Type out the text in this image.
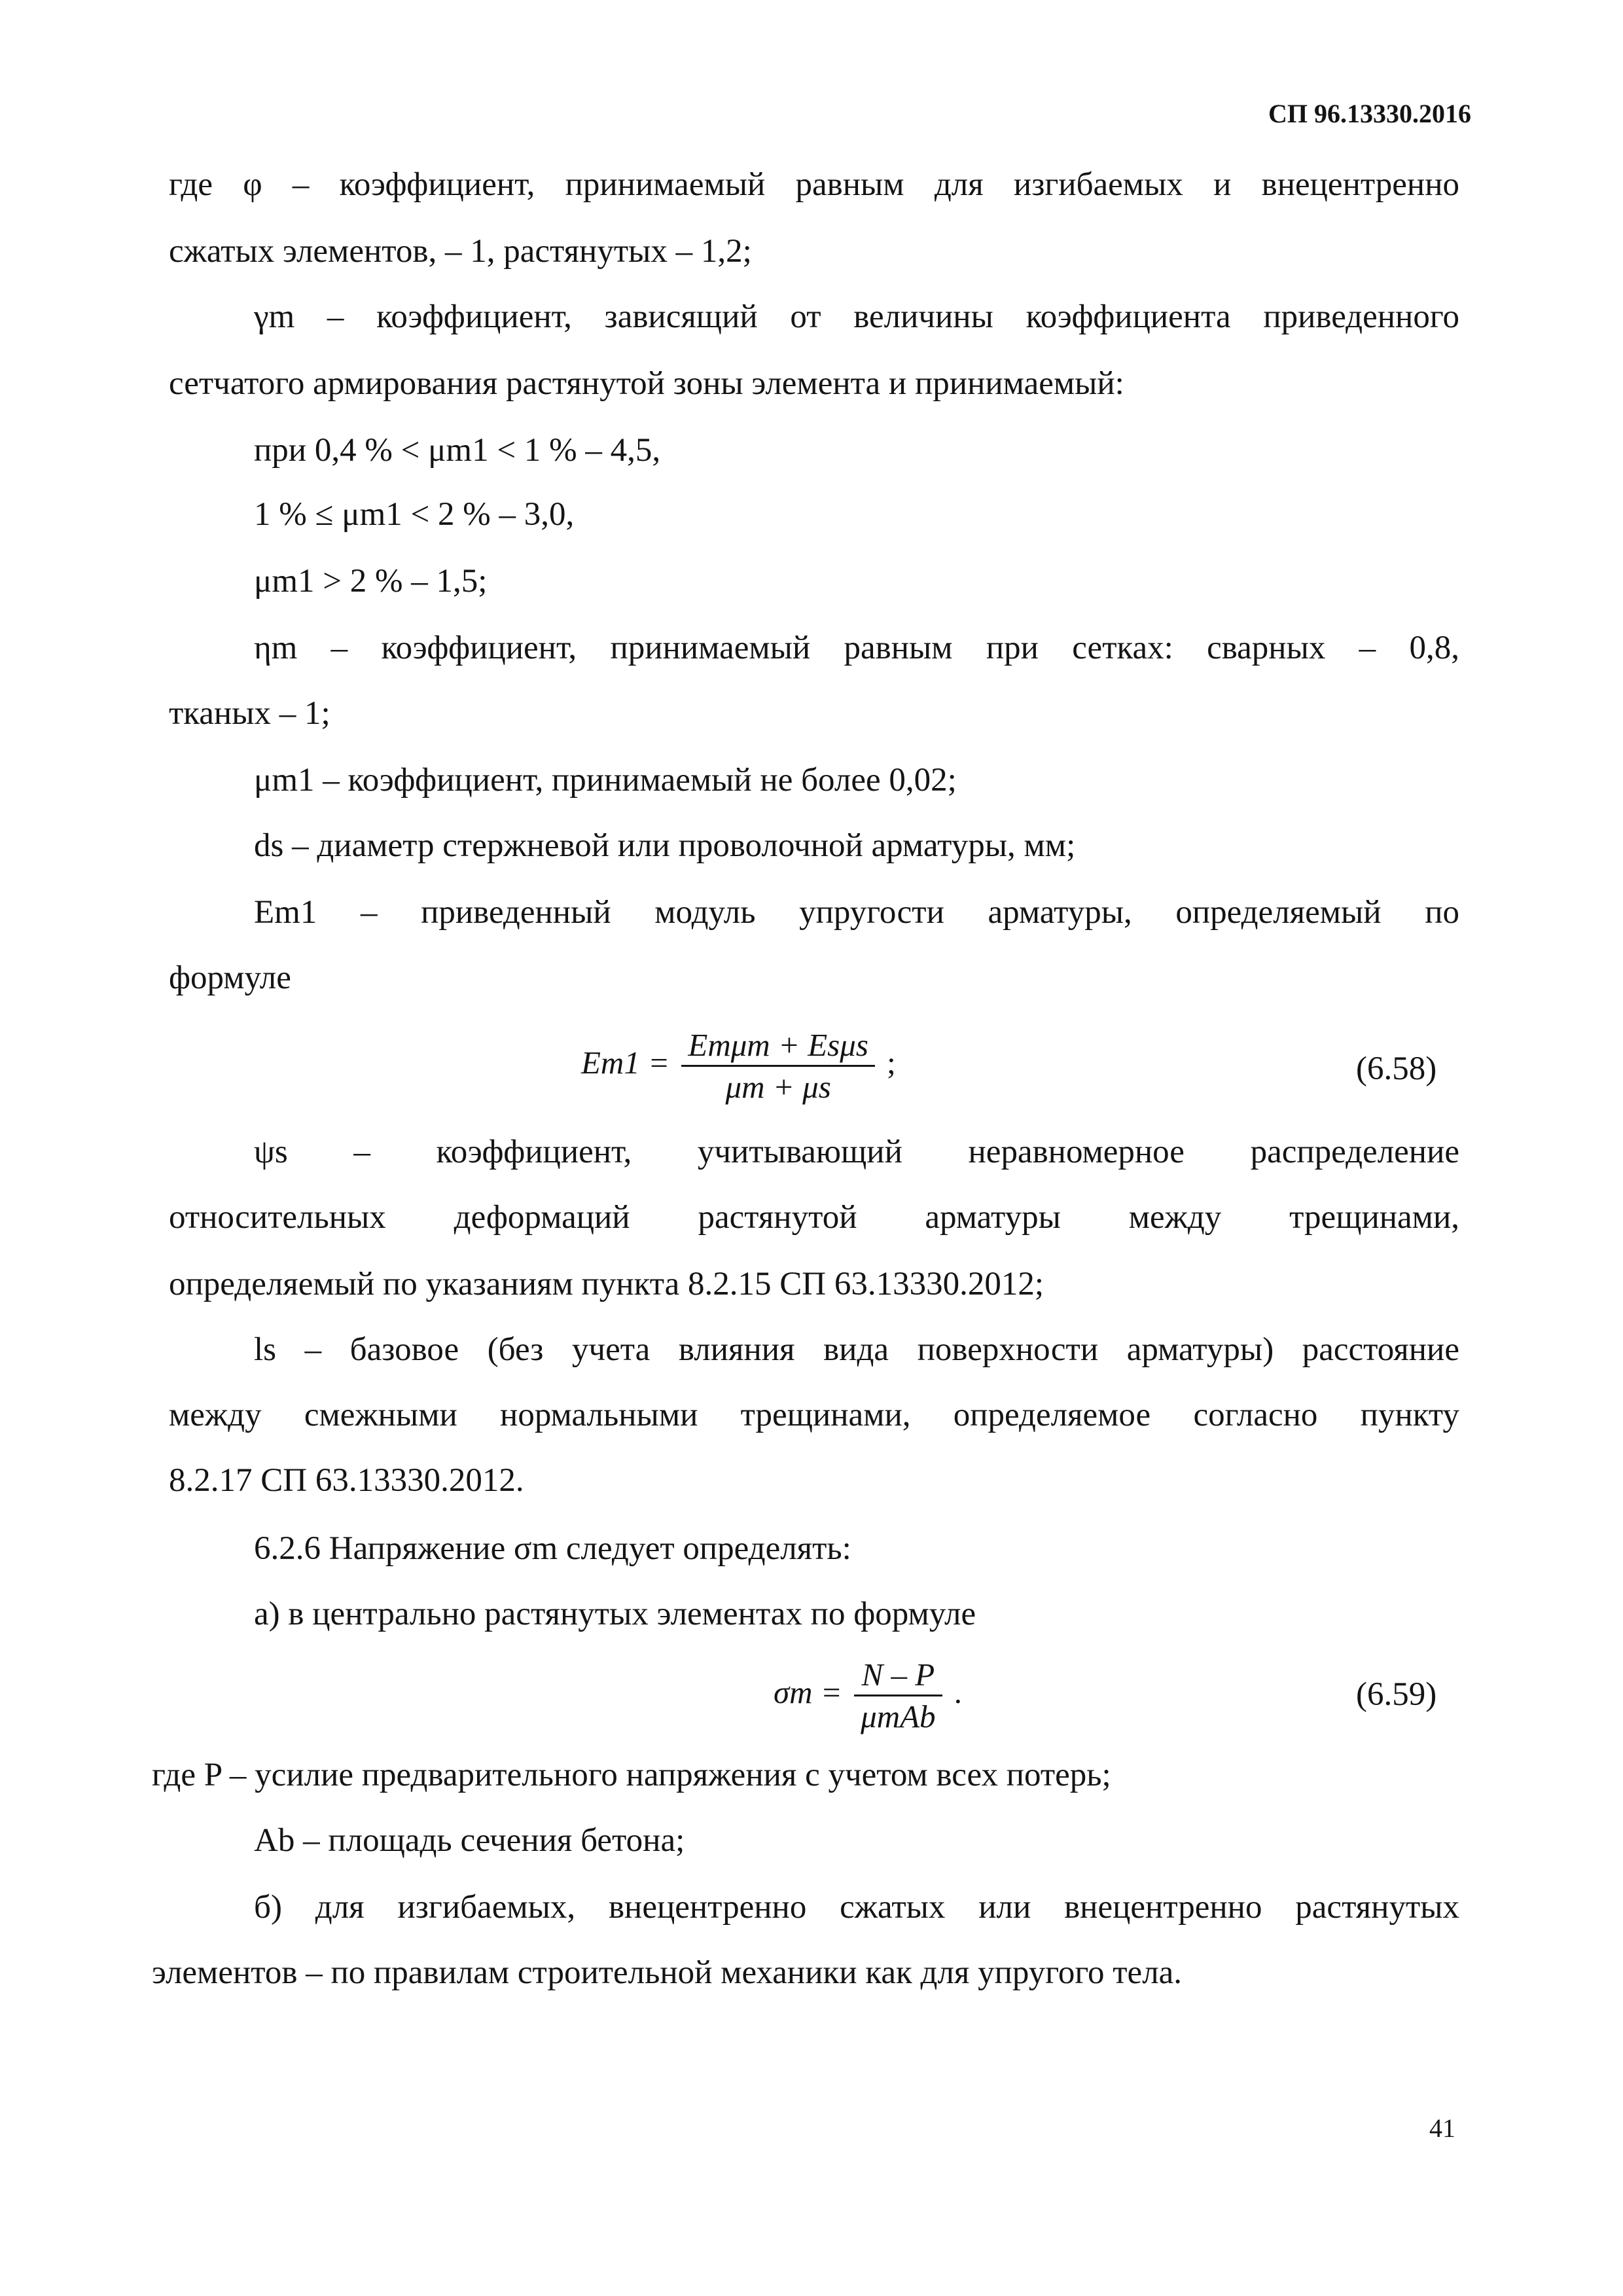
СП 96.13330.2016

где φ – коэффициент, принимаемый равным для изгибаемых и внецентренно

сжатых элементов, – 1, растянутых – 1,2;

γm – коэффициент, зависящий от величины коэффициента приведенного

сетчатого армирования растянутой зоны элемента и принимаемый:

при 0,4 % < μm1 < 1 % – 4,5,

1 % ≤ μm1 < 2 % – 3,0,

μm1 > 2 % – 1,5;

ηm – коэффициент, принимаемый равным при сетках: сварных – 0,8,

тканых – 1;

μm1 – коэффициент, принимаемый не более 0,02;

ds – диаметр стержневой или проволочной арматуры, мм;

Em1 – приведенный модуль упругости арматуры, определяемый по

формуле

$Em1 = \frac{\text{Emμm + Esμs}}{\mu m + \mu s}$ ;	(6.58)

ψs – коэффициент, учитывающий неравномерное распределение

относительных деформаций растянутой арматуры между трещинами,

определяемый по указаниям пункта 8.2.15 СП 63.13330.2012;

ls – базовое (без учета влияния вида поверхности арматуры) расстояние

между смежными нормальными трещинами, определяемое согласно пункту

8.2.17 СП 63.13330.2012.

6.2.6 Напряжение σm следует определять:

а) в центрально растянутых элементах по формуле

$\sigma m = \frac{N - P}{\text{μmAb}}$ .	(6.59)

где P – усилие предварительного напряжения с учетом всех потерь;

Ab – площадь сечения бетона;

б) для изгибаемых, внецентренно сжатых или внецентренно растянутых

элементов – по правилам строительной механики как для упругого тела.

41
